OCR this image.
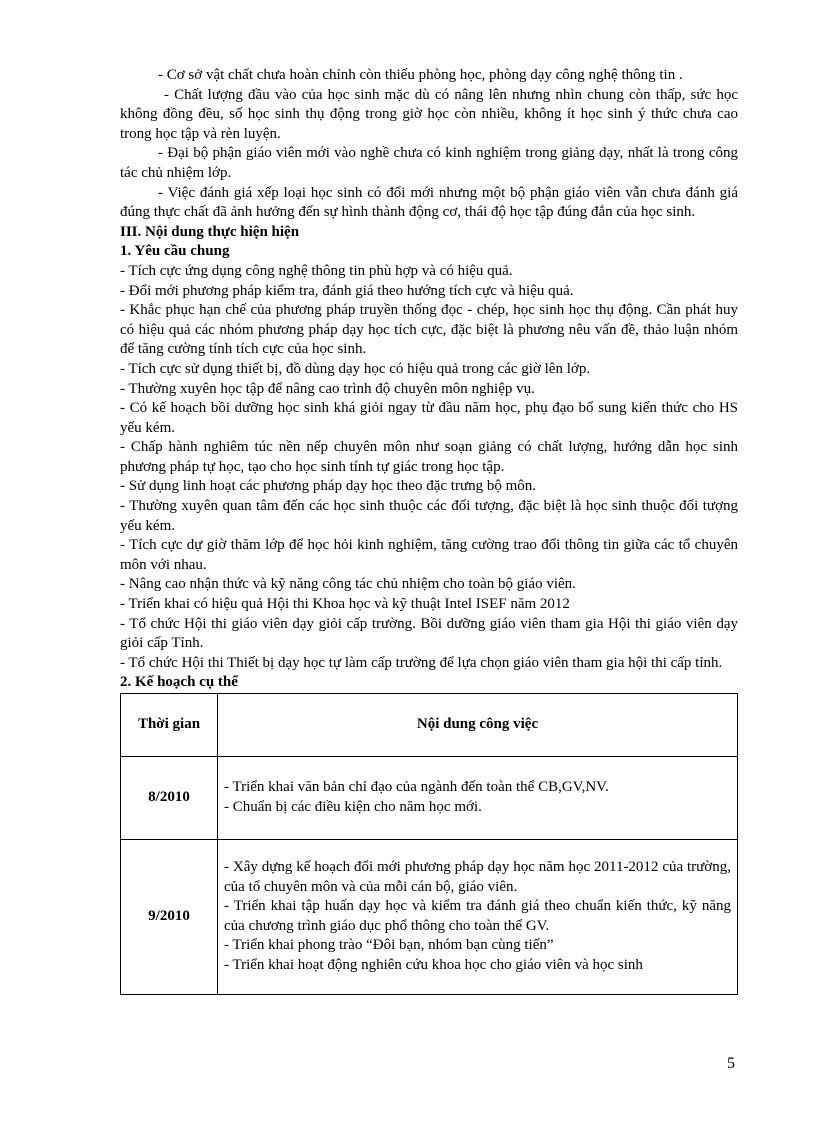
- Cơ sở vật chất chưa hoàn chỉnh còn thiếu phòng học, phòng dạy công nghệ thông tin .

- Chất lượng đầu vào của học sinh mặc dù có nâng lên nhưng nhìn chung còn thấp, sức học không đồng đều, số học sinh thụ động trong giờ học còn nhiều, không ít học sinh ý thức chưa cao trong học tập và rèn luyện.

- Đại bộ phận giáo viên mới vào nghề chưa có kinh nghiệm trong giảng dạy, nhất là trong công tác chủ nhiệm lớp.

- Việc đánh giá xếp loại học sinh có đổi mới nhưng một bộ phận giáo viên vẫn chưa đánh giá đúng thực chất đã ảnh hưởng đến sự hình thành động cơ, thái độ học tập đúng đắn của học sinh.

III. Nội dung thực hiện hiện

1. Yêu cầu chung

- Tích cực ứng dụng công nghệ thông tin phù hợp và có hiệu quả.

- Đổi mới phương pháp kiểm tra, đánh giá theo hướng tích cực và hiệu quả.

- Khắc phục hạn chế của phương pháp truyền thống đọc - chép, học sinh học thụ động. Cần phát huy có hiệu quả các nhóm phương pháp dạy học tích cực, đặc biệt là phương nêu vấn đề, thảo luận nhóm để tăng cường tính tích cực của học sinh.

- Tích cực sử dụng thiết bị, đồ dùng dạy học có hiệu quả trong các giờ lên lớp.

- Thường xuyên học tập để nâng cao trình độ chuyên môn nghiệp vụ.

- Có kế hoạch bồi dưỡng học sinh khá giỏi ngay từ đầu năm học, phụ đạo bổ sung kiến thức cho HS yếu kém.

- Chấp hành nghiêm túc nền nếp chuyên môn như soạn giảng có chất lượng, hướng dẫn học sinh phương pháp tự học, tạo cho học sinh tính tự giác trong học tập.

- Sử dụng linh hoạt các phương pháp dạy học theo đặc trưng bộ môn.

- Thường xuyên quan tâm đến các học sinh thuộc các đối tượng, đặc biệt là học sinh thuộc đối tượng yếu kém.

- Tích cực dự giờ thăm lớp để học hỏi kinh nghiệm, tăng cường trao đổi thông tin giữa các tổ chuyên môn với nhau.

- Nâng cao nhận thức và kỹ năng công tác chủ nhiệm cho toàn bộ giáo viên.

- Triển khai có hiệu quả Hội thi Khoa học và kỹ thuật Intel ISEF năm 2012

- Tổ chức Hội thi giáo viên dạy giỏi cấp trường. Bồi dưỡng giáo viên tham gia Hội thi giáo viên dạy giỏi cấp Tỉnh.

- Tổ chức Hội thi Thiết bị dạy học tự làm cấp trường để lựa chọn giáo viên tham gia hội thi cấp tỉnh.

2. Kế hoạch cụ thể

Thời gian	Nội dung công việc
8/2010	- Triển khai văn bản chỉ đạo của ngành đến toàn thể CB,GV,NV.
- Chuẩn bị các điều kiện cho năm học mới.

9/2010	- Xây dựng kế hoạch đổi mới phương pháp dạy học năm học 2011-2012 của trường, của tổ chuyên môn và của mỗi cán bộ, giáo viên.
- Triển khai tập huấn dạy học và kiểm tra đánh giá theo chuẩn kiến thức, kỹ năng của chương trình giáo dục phổ thông cho toàn thể GV.
- Triển khai phong trào “Đôi bạn, nhóm bạn cùng tiến”
- Triển khai hoạt động nghiên cứu khoa học cho giáo viên và học sinh
5
